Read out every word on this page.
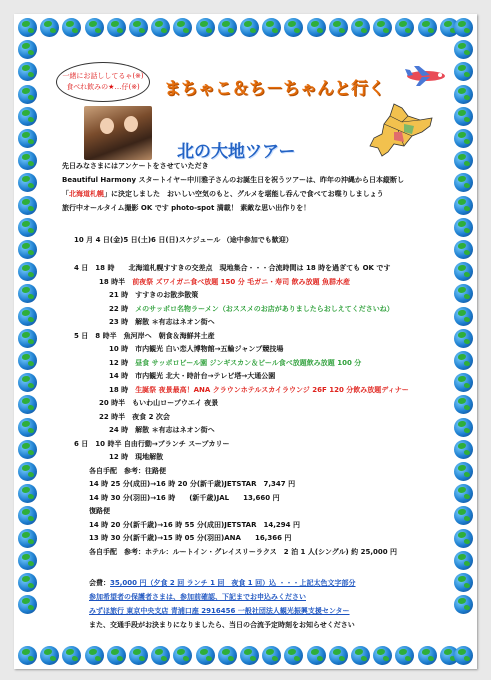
一緒にお話ししてるゃ(※)
食べれ飲みの★…仔(※)	まちゃこ＆ち－ちゃんと行く
北の大地ツアー
先日みなさまにはアンケートをさせていただき
Beautiful Harmony スタートイヤー中川雅子さんのお誕生日を祝うツアーは、昨年の沖縄から日本縦断し
「北海道札幌」に決定しました　おいしい空気のもと、グルメを堪能し呑んで食べてお喋りしましょう
旅行中オールタイム撮影 OK です photo-spot 満載！ 素敵な思い出作りを！
10 月 4 日(金)5 日(土)6 日(日)スケジュール （途中参加でも歓迎）
会費：35,000 円（夕食 2 回 ランチ 1 回　夜食 1 回）込 ・・・上記太色文字部分
参加希望者の保護者さまは、参加前確認、下記までお申込みください
みずほ旅行 東京中央支店 青浦口座 2916456 一般社団法人観光振興支援センター
また、交通手段がお決まりになりましたら、当日の合流予定時刻をお知らせください
4 日　18 時　　北海道札幌すすきの交差点　現地集合・・・合流時間は 18 時を過ぎても OK です
18 時半　前夜祭 ズワイガニ食べ放題 150 分 毛ガニ・寿司 飲み放題 魚群水産
21 時　すすきのお散歩散策
22 時　メのサッポロ名物ラーメン（おススメのお店がありましたらおしえてくださいね）
23 時　解散 ＊有志はネオン街へ
5 日　8 時半　魚河岸へ　朝食＆海鮮丼土産
10 時　市内観光 白い恋人博物館→五輪ジャンプ競技場
12 時　昼食 サッポロビール園 ジンギスカン＆ビール食べ放題飲み放題 100 分
14 時　市内観光 北大・時計台→テレビ塔→大通公園
18 時　生誕祭 夜景最高！ANA クラウンホテルスカイラウンジ 26F 120 分飲み放題ディナー
20 時半　もいわ山ロープウエイ 夜景
22 時半　夜食 2 次会
24 時　解散 ＊有志はネオン街へ
6 日　10 時半 自由行動→ブランチ スープカリー
12 時　現地解散
各自手配　参考：往路便
14 時 25 分(成田)→16 時 20 分(新千歳)JETSTAR　7,347 円
14 時 30 分(羽田)→16 時　　(新千歳)JAL　　13,660 円
復路便
14 時 20 分(新千歳)→16 時 55 分(成田)JETSTAR　14,294 円
13 時 30 分(新千歳)→15 時 05 分(羽田)ANA　　16,366 円
各自手配　参考：ホテル：ルートイン・グレイスリーラクス　2 泊 1 人(シングル) 約 25,000 円
